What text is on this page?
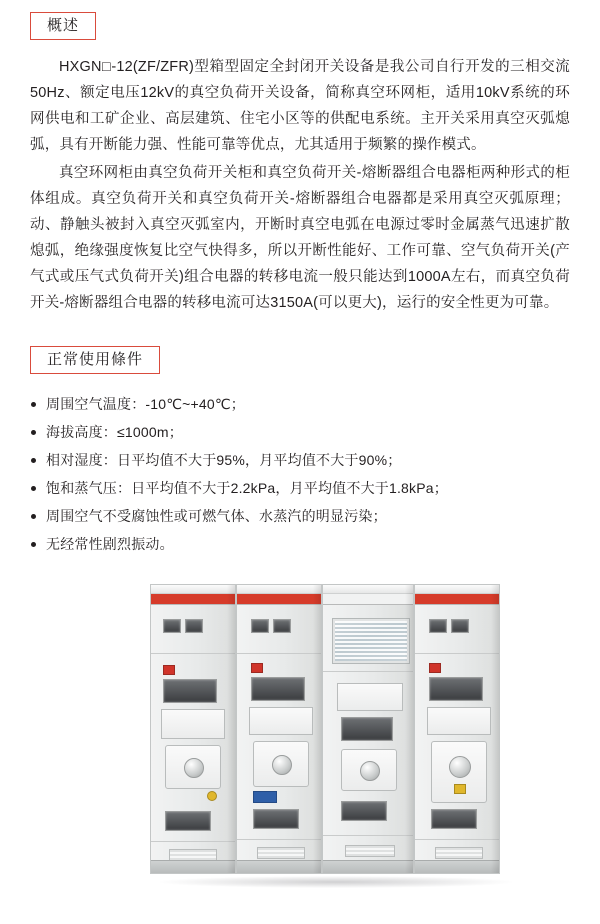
概述

HXGN□-12(ZF/ZFR)型箱型固定全封闭开关设备是我公司自行开发的三相交流50Hz、额定电压12kV的真空负荷开关设备，简称真空环网柜，适用10kV系统的环网供电和工矿企业、高层建筑、住宅小区等的供配电系统。主开关采用真空灭弧熄弧，具有开断能力强、性能可靠等优点，尤其适用于频繁的操作模式。

真空环网柜由真空负荷开关柜和真空负荷开关-熔断器组合电器柜两种形式的柜体组成。真空负荷开关和真空负荷开关-熔断器组合电器都是采用真空灭弧原理；动、静触头被封入真空灭弧室内，开断时真空电弧在电源过零时金属蒸气迅速扩散熄弧，绝缘强度恢复比空气快得多，所以开断性能好、工作可靠、空气负荷开关(产气式或压气式负荷开关)组合电器的转移电流一般只能达到1000A左右，而真空负荷开关-熔断器组合电器的转移电流可达3150A(可以更大)，运行的安全性更为可靠。

正常使用條件
周围空气温度：-10℃~+40℃；
海拔高度：≤1000m；
相对湿度：日平均值不大于95%，月平均值不大于90%；
饱和蒸气压：日平均值不大于2.2kPa，月平均值不大于1.8kPa；
周围空气不受腐蚀性或可燃气体、水蒸汽的明显污染；
无经常性剧烈振动。
